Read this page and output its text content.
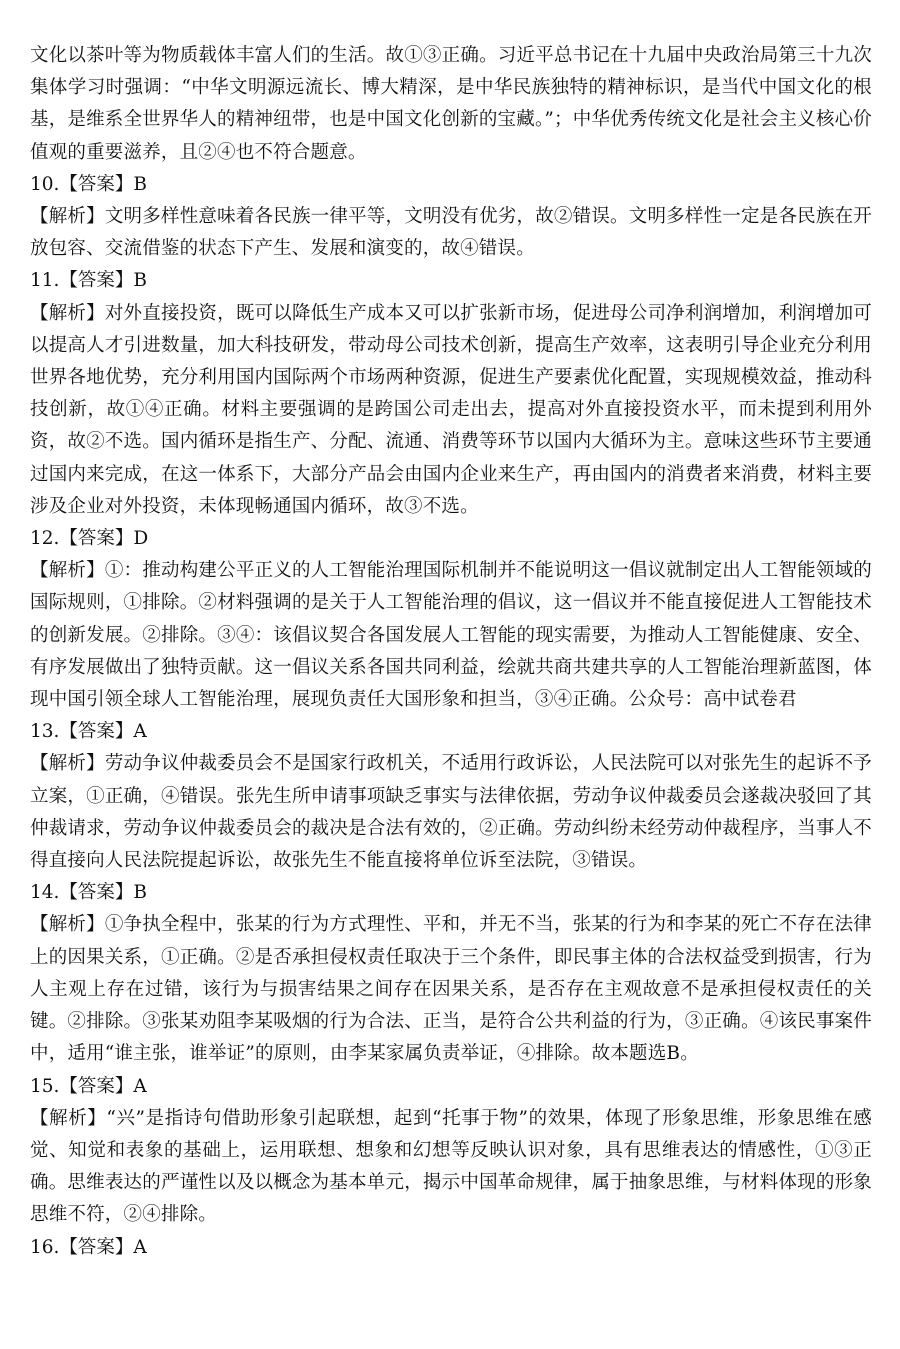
文化以茶叶等为物质载体丰富人们的生活。故①③正确。习近平总书记在十九届中央政治局第三十九次集体学习时强调：“中华文明源远流长、博大精深，是中华民族独特的精神标识，是当代中国文化的根基，是维系全世界华人的精神纽带，也是中国文化创新的宝藏。”；中华优秀传统文化是社会主义核心价值观的重要滋养，且②④也不符合题意。

10.【答案】B

【解析】文明多样性意味着各民族一律平等，文明没有优劣，故②错误。文明多样性一定是各民族在开放包容、交流借鉴的状态下产生、发展和演变的，故④错误。

11.【答案】B

【解析】对外直接投资，既可以降低生产成本又可以扩张新市场，促进母公司净利润增加，利润增加可以提高人才引进数量，加大科技研发，带动母公司技术创新，提高生产效率，这表明引导企业充分利用世界各地优势，充分利用国内国际两个市场两种资源，促进生产要素优化配置，实现规模效益，推动科技创新，故①④正确。材料主要强调的是跨国公司走出去，提高对外直接投资水平，而未提到利用外资，故②不选。国内循环是指生产、分配、流通、消费等环节以国内大循环为主。意味这些环节主要通过国内来完成，在这一体系下，大部分产品会由国内企业来生产，再由国内的消费者来消费，材料主要涉及企业对外投资，未体现畅通国内循环，故③不选。

12.【答案】D

【解析】①：推动构建公平正义的人工智能治理国际机制并不能说明这一倡议就制定出人工智能领域的国际规则，①排除。②材料强调的是关于人工智能治理的倡议，这一倡议并不能直接促进人工智能技术的创新发展。②排除。③④：该倡议契合各国发展人工智能的现实需要，为推动人工智能健康、安全、有序发展做出了独特贡献。这一倡议关系各国共同利益，绘就共商共建共享的人工智能治理新蓝图，体现中国引领全球人工智能治理，展现负责任大国形象和担当，③④正确。公众号：高中试卷君

13.【答案】A

【解析】劳动争议仲裁委员会不是国家行政机关，不适用行政诉讼，人民法院可以对张先生的起诉不予立案，①正确，④错误。张先生所申请事项缺乏事实与法律依据，劳动争议仲裁委员会遂裁决驳回了其仲裁请求，劳动争议仲裁委员会的裁决是合法有效的，②正确。劳动纠纷未经劳动仲裁程序，当事人不得直接向人民法院提起诉讼，故张先生不能直接将单位诉至法院，③错误。

14.【答案】B

【解析】①争执全程中，张某的行为方式理性、平和，并无不当，张某的行为和李某的死亡不存在法律上的因果关系，①正确。②是否承担侵权责任取决于三个条件，即民事主体的合法权益受到损害，行为人主观上存在过错，该行为与损害结果之间存在因果关系，是否存在主观故意不是承担侵权责任的关键。②排除。③张某劝阻李某吸烟的行为合法、正当，是符合公共利益的行为，③正确。④该民事案件中，适用“谁主张，谁举证”的原则，由李某家属负责举证，④排除。故本题选B。

15.【答案】A

【解析】“兴”是指诗句借助形象引起联想，起到“托事于物”的效果，体现了形象思维，形象思维在感觉、知觉和表象的基础上，运用联想、想象和幻想等反映认识对象，具有思维表达的情感性，①③正确。思维表达的严谨性以及以概念为基本单元，揭示中国革命规律，属于抽象思维，与材料体现的形象思维不符，②④排除。

16.【答案】A
